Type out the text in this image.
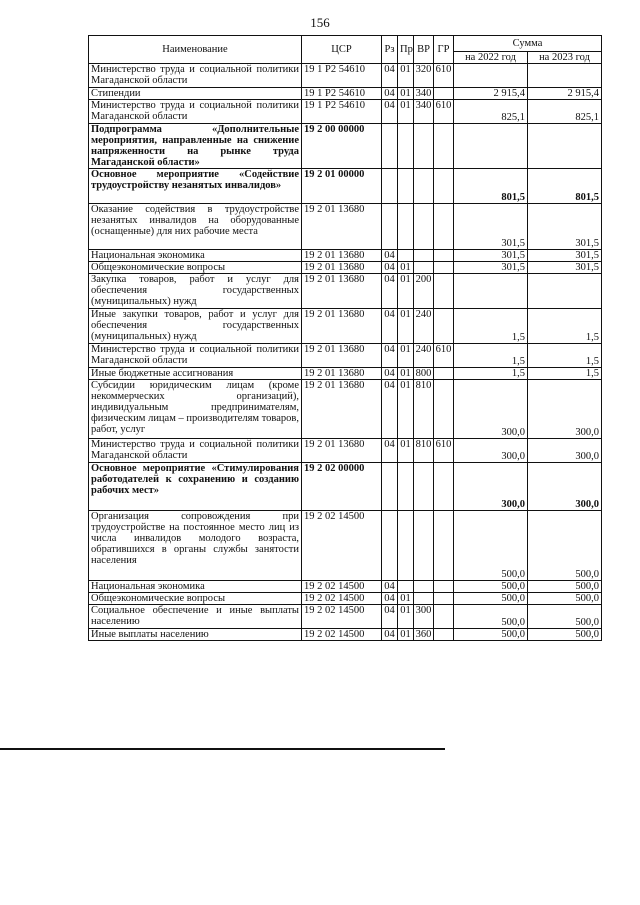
156
Наименование	ЦСР	Рз	Пр	ВР	ГР	Сумма	
						на 2022 год	на 2023 год
Министерство труда и социальной политики Магаданской области	19 1 P2 54610	04	01	320	610		
Стипендии	19 1 P2 54610	04	01	340		2 915,4	2 915,4
Министерство труда и социальной политики Магаданской области	19 1 P2 54610	04	01	340	610	825,1	825,1
Подпрограмма «Дополнительные мероприятия, направленные на снижение напряженности на рынке труда Магаданской области»	19 2 00 00000						
Основное мероприятие «Содействие трудоустройству незанятых инвалидов»	19 2 01 00000					801,5	801,5
Оказание содействия в трудоустройстве незанятых инвалидов на оборудованные (оснащенные) для них рабочие места	19 2 01 13680					301,5	301,5
Национальная экономика	19 2 01 13680	04				301,5	301,5
Общеэкономические вопросы	19 2 01 13680	04	01			301,5	301,5
Закупка товаров, работ и услуг для обеспечения государственных (муниципальных) нужд	19 2 01 13680	04	01	200			
Иные закупки товаров, работ и услуг для обеспечения государственных (муниципальных) нужд	19 2 01 13680	04	01	240		1,5	1,5
Министерство труда и социальной политики Магаданской области	19 2 01 13680	04	01	240	610	1,5	1,5
Иные бюджетные ассигнования	19 2 01 13680	04	01	800		1,5	1,5
Субсидии юридическим лицам (кроме некоммерческих организаций), индивидуальным предпринимателям, физическим лицам – производителям товаров, работ, услуг	19 2 01 13680	04	01	810		300,0	300,0
Министерство труда и социальной политики Магаданской области	19 2 01 13680	04	01	810	610	300,0	300,0
Основное мероприятие «Стимулирования работодателей к сохранению и созданию рабочих мест»	19 2 02 00000					300,0	300,0
Организация сопровождения при трудоустройстве на постоянное место лиц из числа инвалидов молодого возраста, обратившихся в органы службы занятости населения	19 2 02 14500					500,0	500,0
Национальная экономика	19 2 02 14500	04				500,0	500,0
Общеэкономические вопросы	19 2 02 14500	04	01			500,0	500,0
Социальное обеспечение и иные выплаты населению	19 2 02 14500	04	01	300		500,0	500,0
Иные выплаты населению	19 2 02 14500	04	01	360		500,0	500,0
